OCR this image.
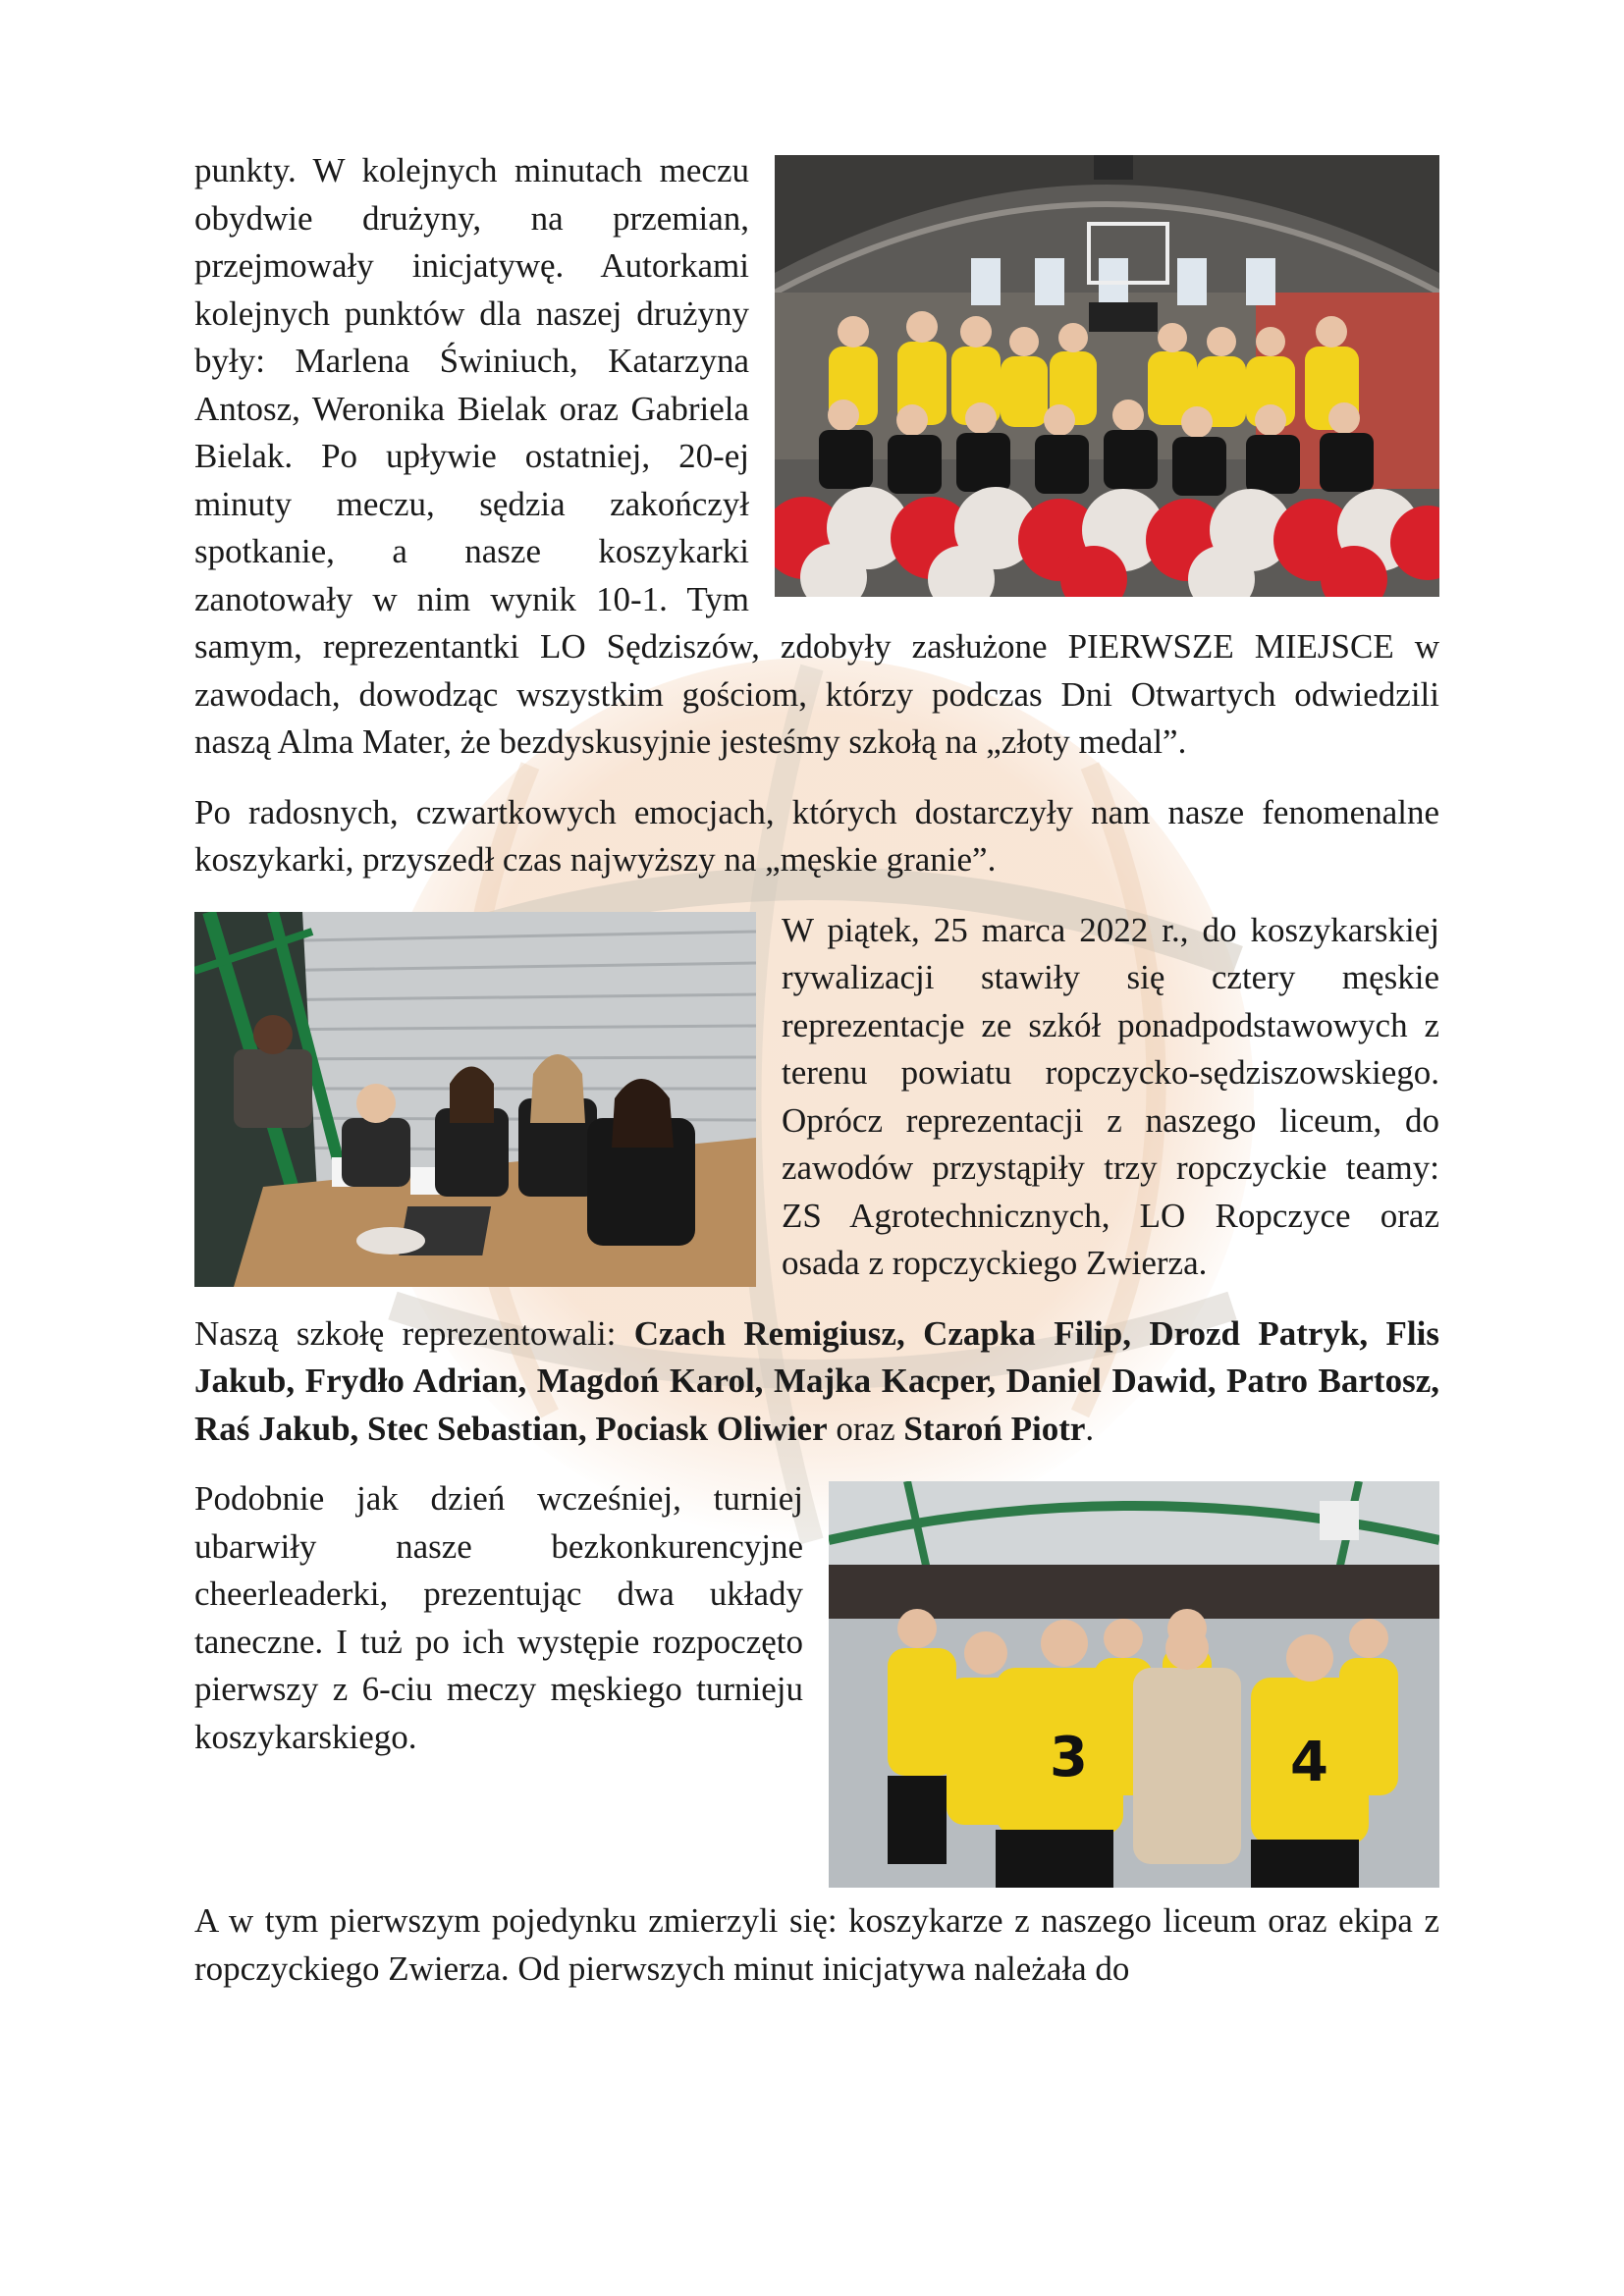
punkty. W kolejnych minutach meczu obydwie drużyny, na przemian, przejmowały inicjatywę. Autorkami kolejnych punktów dla naszej drużyny były: Marlena Świniuch, Katarzyna Antosz, Weronika Bielak oraz Gabriela Bielak. Po upływie ostatniej, 20-ej minuty meczu, sędzia zakończył spotkanie, a nasze koszykarki zanotowały w nim wynik 10-1. Tym samym, reprezentantki LO Sędziszów, zdobyły zasłużone PIERWSZE MIEJSCE w zawodach, dowodząc wszystkim gościom, którzy podczas Dni Otwartych odwiedzili naszą Alma Mater, że bezdyskusyjnie jesteśmy szkołą na „złoty medal”.

Po radosnych, czwartkowych emocjach, których dostarczyły nam nasze fenomenalne koszykarki, przyszedł czas najwyższy na „męskie granie”.

W piątek, 25 marca 2022 r., do koszykarskiej rywalizacji stawiły się cztery męskie reprezentacje ze szkół ponadpodstawowych z terenu powiatu ropczycko-sędziszowskiego. Oprócz reprezentacji z naszego liceum, do zawodów przystąpiły trzy ropczyckie teamy: ZS Agrotechnicznych, LO Ropczyce oraz osada z ropczyckiego Zwierza.

Naszą szkołę reprezentowali: Czach Remigiusz, Czapka Filip, Drozd Patryk, Flis Jakub, Frydło Adrian, Magdoń Karol, Majka Kacper, Daniel Dawid, Patro Bartosz, Raś Jakub, Stec Sebastian, Pociask Oliwier oraz Staroń Piotr.

3	4
Podobnie jak dzień wcześniej, turniej ubarwiły nasze bezkonkurencyjne cheerleaderki, prezentując dwa układy taneczne. I tuż po ich występie rozpoczęto pierwszy z 6-ciu meczy męskiego turnieju koszykarskiego.

A w tym pierwszym pojedynku zmierzyli się: koszykarze z naszego liceum oraz ekipa z ropczyckiego Zwierza. Od pierwszych minut inicjatywa należała do
